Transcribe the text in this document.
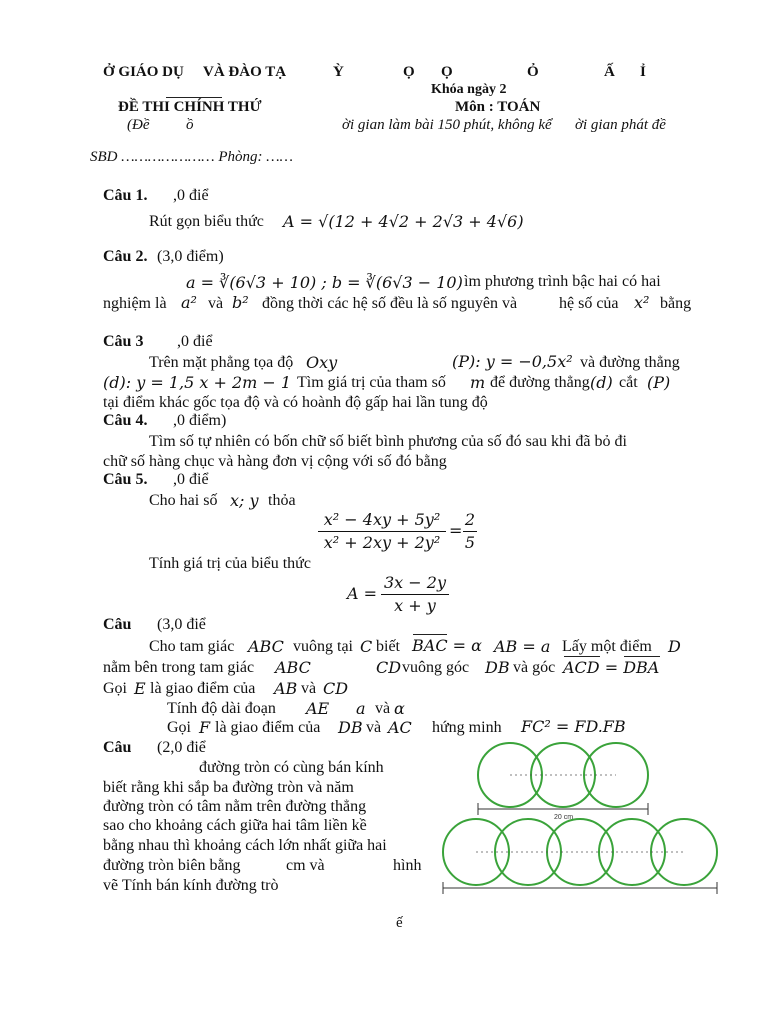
Ở GIÁO DỤ VÀ ĐÀO TẠ	Ỳ	Ọ Ọ	Ỏ	Ấ Ỉ
Khóa ngày 2
ĐỀ THI CHÍNH THỨ	Môn : TOÁN
(Đề ồ	ời gian làm bài 150 phút, không kể ời gian phát đề
SBD ………………… Phòng: ……
Câu 1. ,0 điể
Rút gọn biểu thức A = √(12 + 4√2 + 2√3 + 4√6)
Câu 2. (3,0 điểm)
a = ∛(6√3 + 10) ; b = ∛(6√3 − 10) ìm phương trình bậc hai có hai
nghiệm là a² và b² đồng thời các hệ số đều là số nguyên và	hệ số của x² bằng
Câu 3 ,0 điể
Trên mặt phẳng tọa độ Oxy	(P): y = −0,5x² và đường thẳng
(d): y = 1,5 x + 2m − 1 Tìm giá trị của tham số m để đường thẳng (d) cắt (P)
tại điểm khác gốc tọa độ và có hoành độ gấp hai lần tung độ
Câu 4. ,0 điểm)
Tìm số tự nhiên có bốn chữ số biết bình phương của số đó sau khi đã bỏ đi
chữ số hàng chục và hàng đơn vị cộng với số đó bằng
Câu 5. ,0 điể
Cho hai số x; y thỏa
x² − 4xy + 5y²
x² + 2xy + 2y²
=
2
5
Tính giá trị của biểu thức
A =
3x − 2y
x + y
Câu (3,0 điể
Cho tam giác ABC vuông tại C biết BAC = α AB = a Lấy một điểm D
nằm bên trong tam giác ABC	CD vuông góc DB và góc ACD = DBA
Gọi E là giao điểm của AB và CD
Tính độ dài đoạn AE a và α
Gọi F là giao điểm của DB và AC hứng minh FC² = FD.FB
Câu (2,0 điể
đường tròn có cùng bán kính
biết rằng khi sắp ba đường tròn và năm
đường tròn có tâm nằm trên đường thẳng
sao cho khoảng cách giữa hai tâm liền kề
bằng nhau thì khoảng cách lớn nhất giữa hai
đường tròn biên bằng	cm và	hình
vẽ Tính bán kính đường trò
20 cm
ế
